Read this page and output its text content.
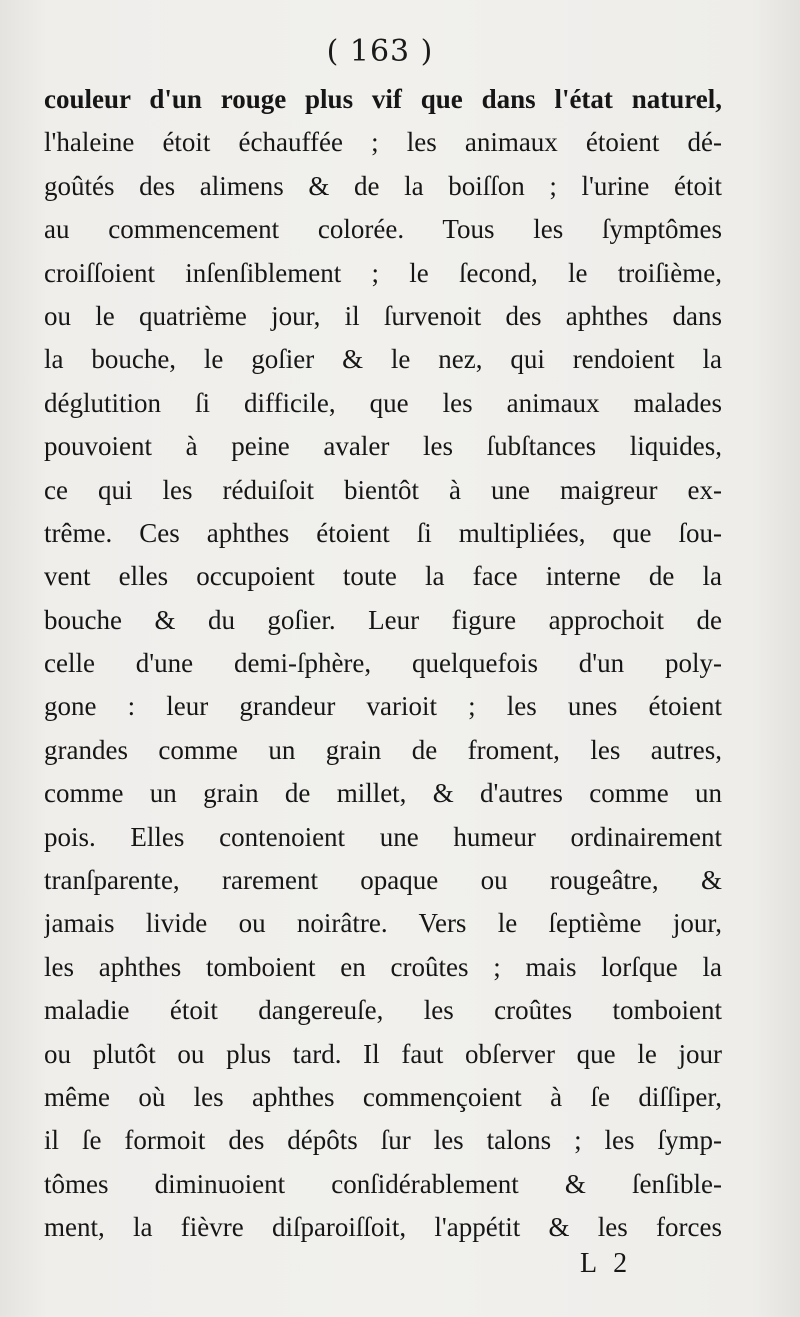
( 163 )
couleur d'un rouge plus vif que dans l'état naturel,
l'haleine étoit échauffée ; les animaux étoient dé-
goûtés des alimens & de la boiſſon ; l'urine étoit
au commencement colorée. Tous les ſymptômes
croiſſoient inſenſiblement ; le ſecond, le troiſième,
ou le quatrième jour, il ſurvenoit des aphthes dans
la bouche, le goſier & le nez, qui rendoient la
déglutition ſi difficile, que les animaux malades
pouvoient à peine avaler les ſubſtances liquides,
ce qui les réduiſoit bientôt à une maigreur ex-
trême. Ces aphthes étoient ſi multipliées, que ſou-
vent elles occupoient toute la face interne de la
bouche & du goſier. Leur figure approchoit de
celle d'une demi-ſphère, quelquefois d'un poly-
gone : leur grandeur varioit ; les unes étoient
grandes comme un grain de froment, les autres,
comme un grain de millet, & d'autres comme un
pois. Elles contenoient une humeur ordinairement
tranſparente, rarement opaque ou rougeâtre, &
jamais livide ou noirâtre. Vers le ſeptième jour,
les aphthes tomboient en croûtes ; mais lorſque la
maladie étoit dangereuſe, les croûtes tomboient
ou plutôt ou plus tard. Il faut obſerver que le jour
même où les aphthes commençoient à ſe diſſiper,
il ſe formoit des dépôts ſur les talons ; les ſymp-
tômes diminuoient conſidérablement & ſenſible-
ment, la fièvre diſparoiſſoit, l'appétit & les forces
L 2
